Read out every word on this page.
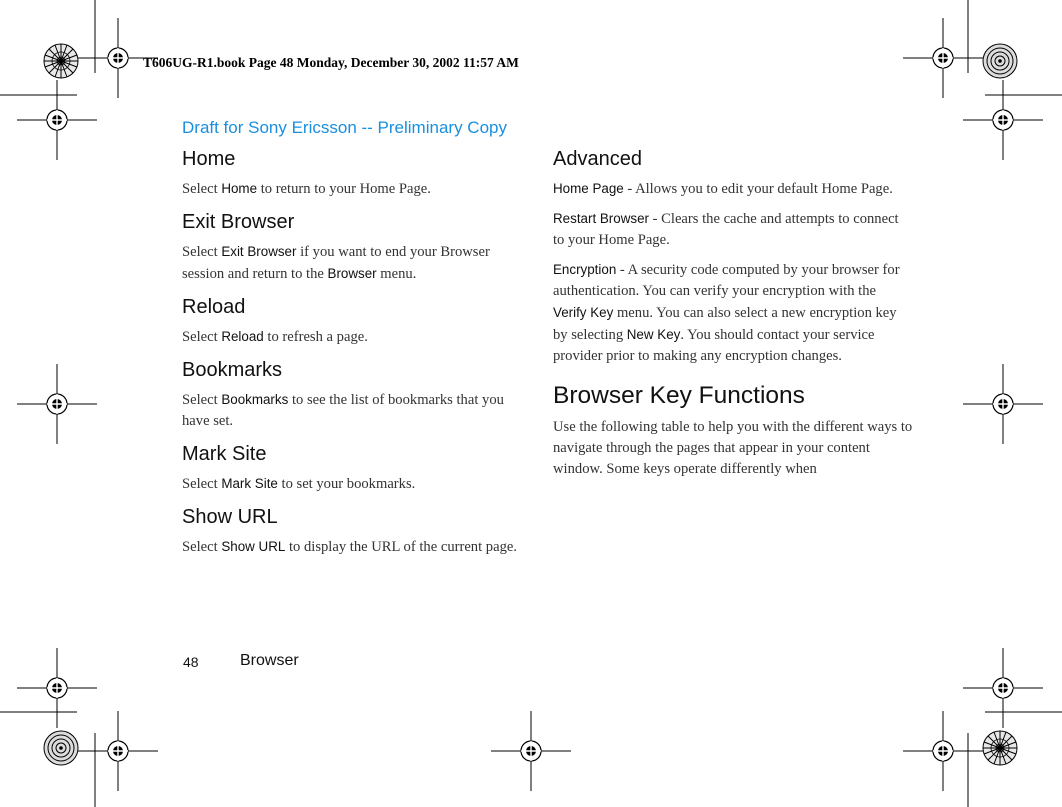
T606UG-R1.book Page 48 Monday, December 30, 2002 11:57 AM
Draft for Sony Ericsson -- Preliminary Copy
Home

Select Home to return to your Home Page.

Exit Browser

Select Exit Browser if you want to end your Browser session and return to the Browser menu.

Reload

Select Reload to refresh a page.

Bookmarks

Select Bookmarks to see the list of bookmarks that you have set.

Mark Site

Select Mark Site to set your bookmarks.

Show URL

Select Show URL to display the URL of the current page.

Advanced

Home Page - Allows you to edit your default Home Page.

Restart Browser - Clears the cache and attempts to connect to your Home Page.

Encryption - A security code computed by your browser for authentication. You can verify your encryption with the Verify Key menu. You can also select a new encryption key by selecting New Key. You should contact your service provider prior to making any encryption changes.

Browser Key Functions

Use the following table to help you with the different ways to navigate through the pages that appear in your content window. Some keys operate differently when

48	Browser
